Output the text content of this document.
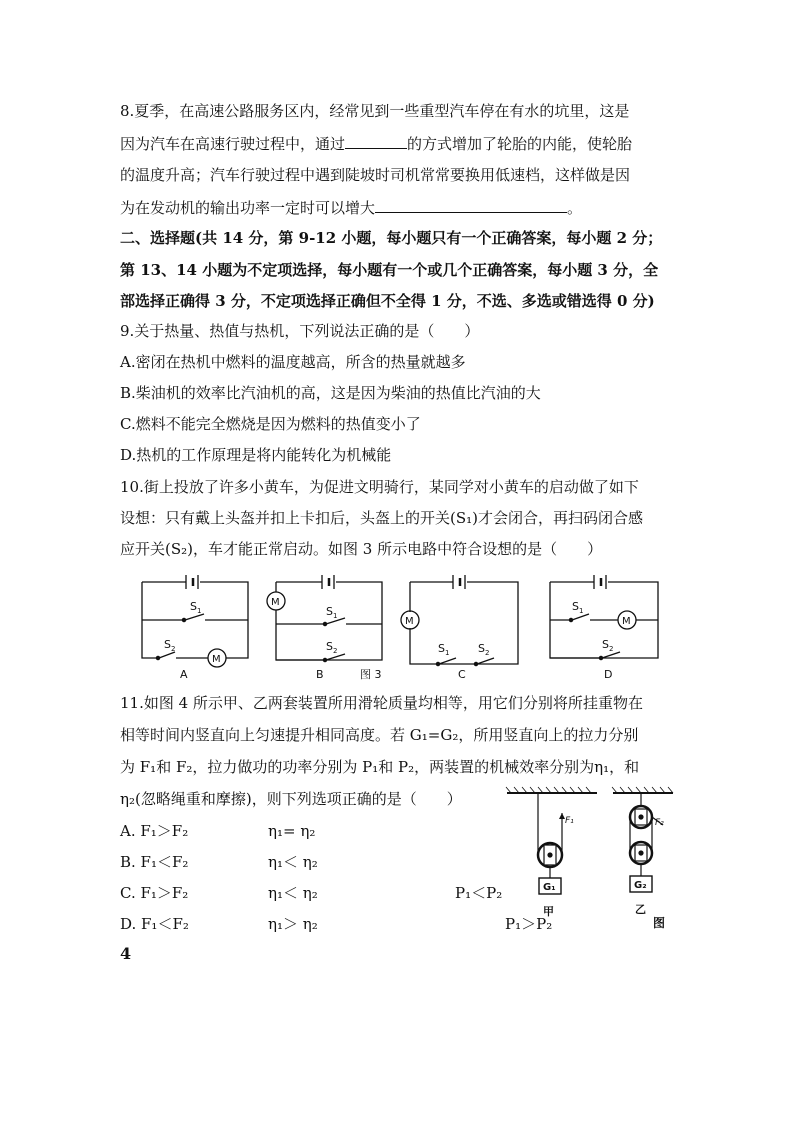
8.夏季，在高速公路服务区内，经常见到一些重型汽车停在有水的坑里，这是
因为汽车在高速行驶过程中，通过	的方式增加了轮胎的内能，使轮胎
的温度升高；汽车行驶过程中遇到陡坡时司机常常要换用低速档，这样做是因
为在发动机的输出功率一定时可以增大	。
二、选择题(共 14 分，第 9-12 小题，每小题只有一个正确答案，每小题 2 分；
第 13、14 小题为不定项选择，每小题有一个或几个正确答案，每小题 3 分，全
部选择正确得 3 分，不定项选择正确但不全得 1 分，不选、多选或错选得 0 分)
9.关于热量、热值与热机，下列说法正确的是（　　）
A.密闭在热机中燃料的温度越高，所含的热量就越多
B.柴油机的效率比汽油机的高，这是因为柴油的热值比汽油的大
C.燃料不能完全燃烧是因为燃料的热值变小了
D.热机的工作原理是将内能转化为机械能
10.街上投放了许多小黄车，为促进文明骑行，某同学对小黄车的启动做了如下
设想：只有戴上头盔并扣上卡扣后，头盔上的开关(S₁)才会闭合，再扫码闭合感
应开关(S₂)，车才能正常启动。如图 3 所示电路中符合设想的是（　　）
M
S 1
S 2
A
M
S 1
S 2
B	图 3
M
S 1	S 2
C
M
S 1
S 2
D
11.如图 4 所示甲、乙两套装置所用滑轮质量均相等，用它们分别将所挂重物在
相等时间内竖直向上匀速提升相同高度。若 G₁=G₂，所用竖直向上的拉力分别
为 F₁和 F₂，拉力做功的功率分别为 P₁和 P₂，两装置的机械效率分别为η₁，和
η₂(忽略绳重和摩擦)，则下列选项正确的是（　　）
A. F₁＞F₂	η₁= η₂
B. F₁＜F₂	η₁＜ η₂
C. F₁＞F₂	η₁＜ η₂	P₁＜P₂
D. F₁＜F₂	η₁＞ η₂	P₁＞P₂
G₁
F₁
甲
G₂
F₂
乙
图
4
